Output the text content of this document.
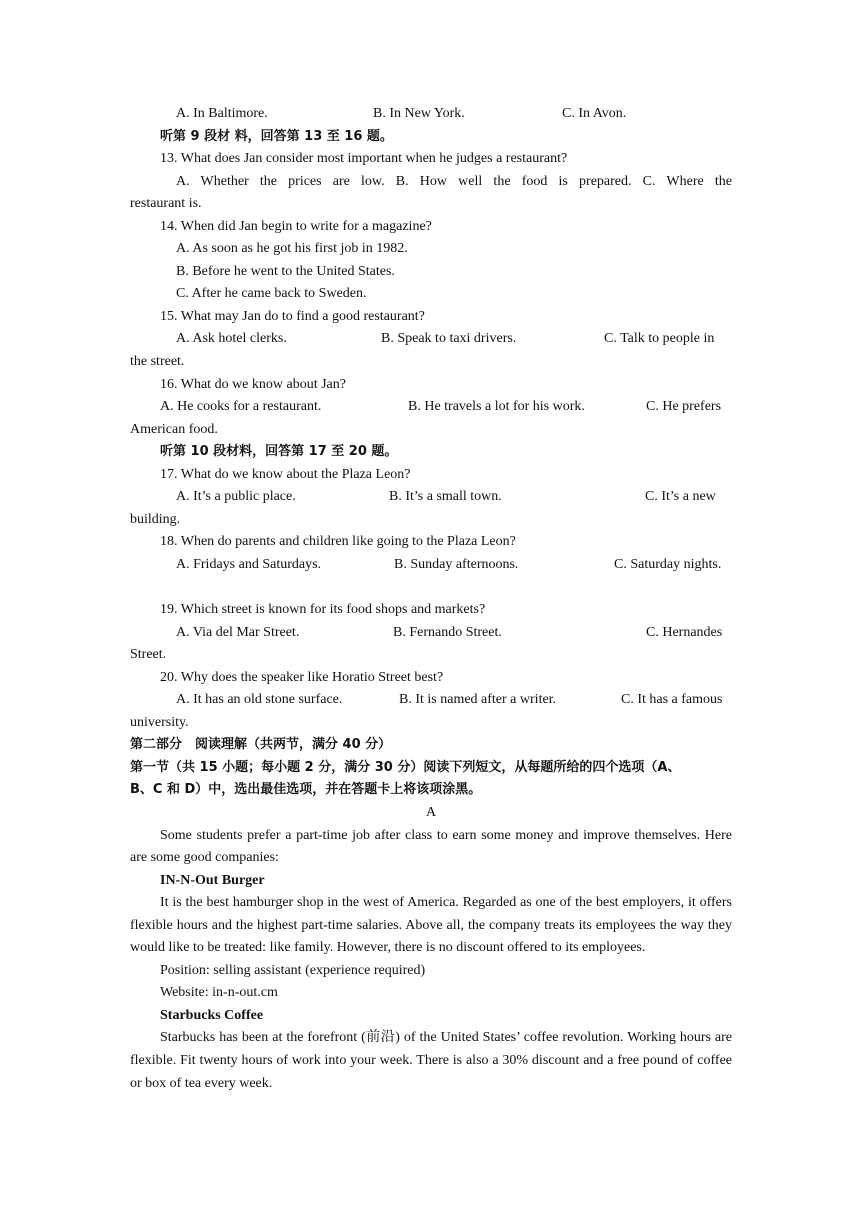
A. In Baltimore.	B. In New York.	C. In Avon.
听第 9 段材 料，回答第 13 至 16 题。
13. What does Jan consider most important when he judges a restaurant?
A. Whether the prices are low. B. How well the food is prepared. C. Where the
restaurant is.
14. When did Jan begin to write for a magazine?
A. As soon as he got his first job in 1982.
B. Before he went to the United States.
C. After he came back to Sweden.
15. What may Jan do to find a good restaurant?
A. Ask hotel clerks.	B. Speak to taxi drivers.	C. Talk to people in
the street.
16. What do we know about Jan?
A. He cooks for a restaurant.	B. He travels a lot for his work.	C. He prefers
American food.
听第 10 段材料，回答第 17 至 20 题。
17. What do we know about the Plaza Leon?
A. It’s a public place.	B. It’s a small town.	C. It’s a new
building.
18. When do parents and children like going to the Plaza Leon?
A. Fridays and Saturdays.	B. Sunday afternoons.	C. Saturday nights.
19. Which street is known for its food shops and markets?
A. Via del Mar Street.	B. Fernando Street.	C. Hernandes
Street.
20. Why does the speaker like Horatio Street best?
A. It has an old stone surface.	B. It is named after a writer.	C. It has a famous
university.
第二部分　阅读理解（共两节，满分 40 分）
第一节（共 15 小题；每小题 2 分，满分 30 分）阅读下列短文，从每题所给的四个选项（A、
B、C 和 D）中，选出最佳选项，并在答题卡上将该项涂黑。
A
Some students prefer a part-time job after class to earn some money and improve themselves. Here are some good companies:
IN-N-Out Burger
It is the best hamburger shop in the west of America. Regarded as one of the best employers, it offers flexible hours and the highest part-time salaries. Above all, the company treats its employees the way they would like to be treated: like family. However, there is no discount offered to its employees.
Position: selling assistant (experience required)
Website: in-n-out.cm
Starbucks Coffee
Starbucks has been at the forefront (前沿) of the United States’ coffee revolution. Working hours are flexible. Fit twenty hours of work into your week. There is also a 30% discount and a free pound of coffee or box of tea every week.
